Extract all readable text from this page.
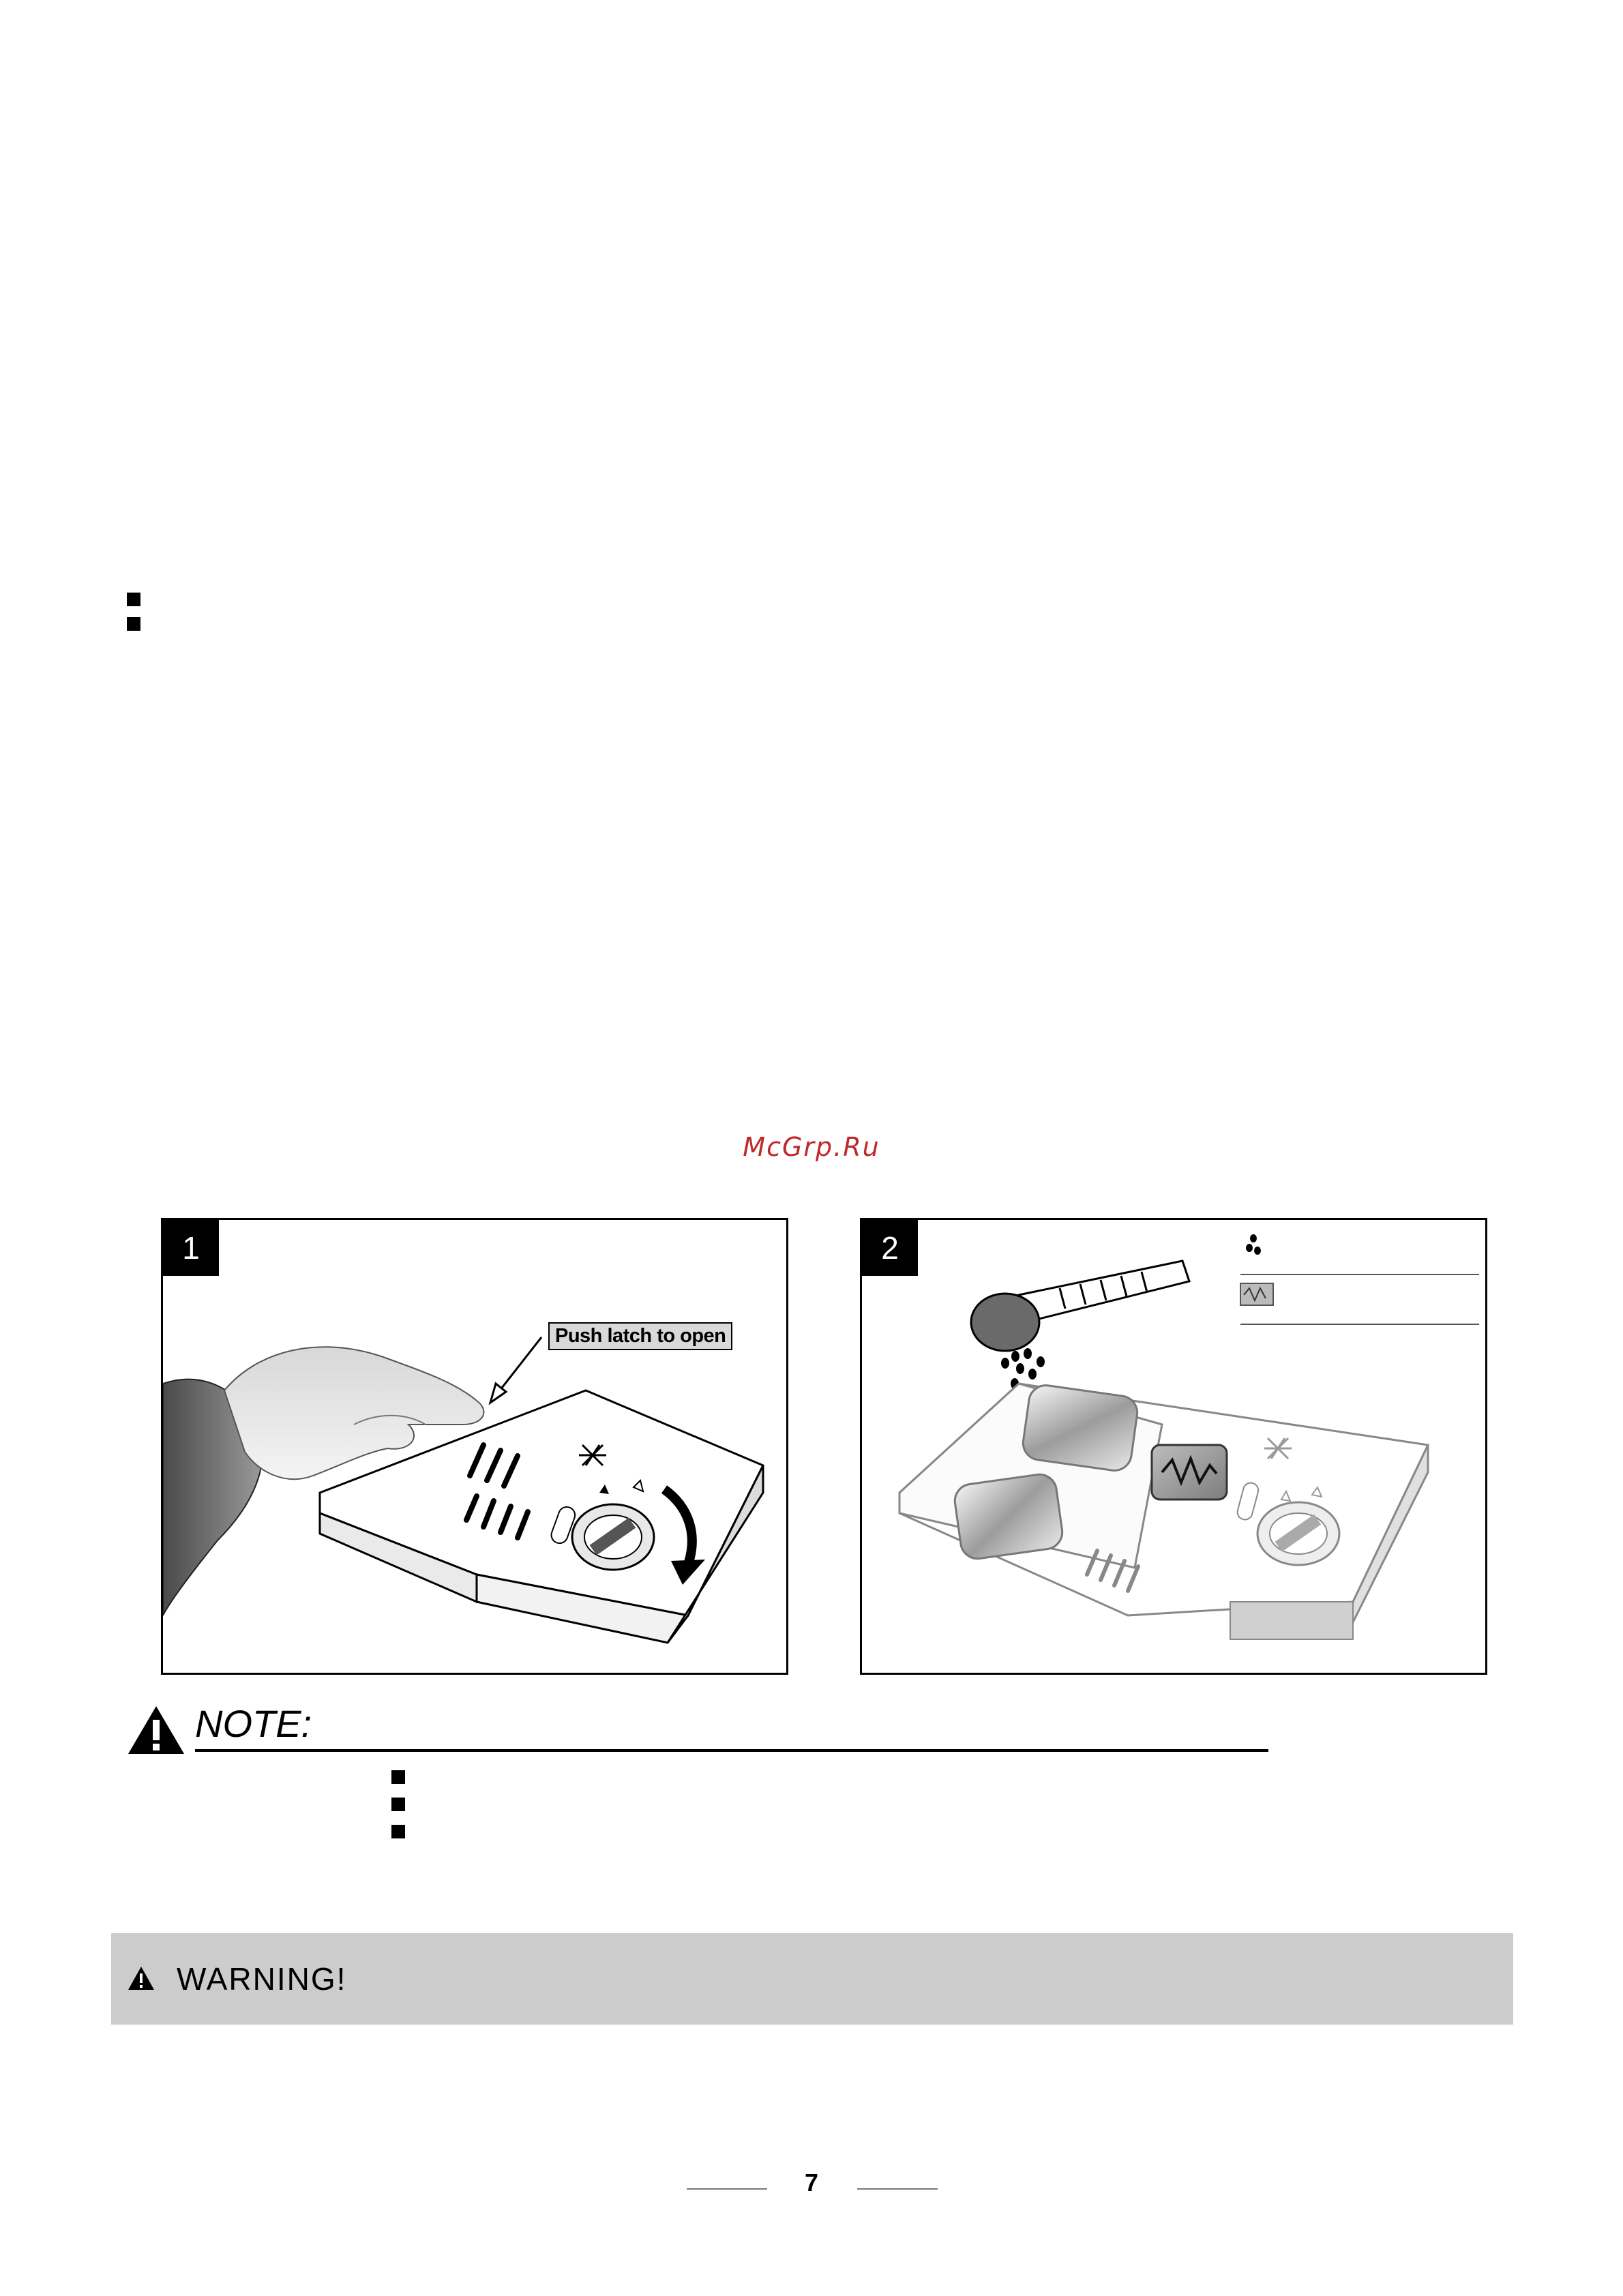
McGrp.Ru
1
Push latch to open
2
NOTE:
WARNING!
7
